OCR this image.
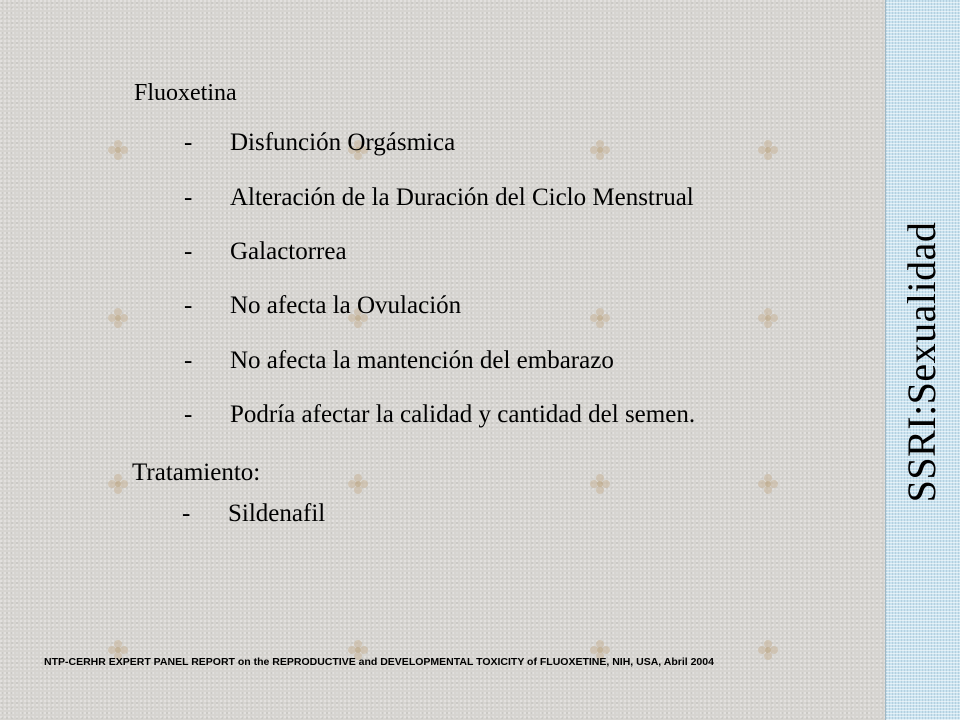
Fluoxetina
- Disfunción Orgásmica
- Alteración de la Duración del Ciclo Menstrual
- Galactorrea
- No afecta la Ovulación
- No afecta la mantención del embarazo
- Podría afectar la calidad y cantidad del semen.
Tratamiento:
- Sildenafil
NTP-CERHR EXPERT PANEL REPORT on the REPRODUCTIVE and DEVELOPMENTAL TOXICITY of FLUOXETINE, NIH, USA, Abril 2004
SSRI:Sexualidad
